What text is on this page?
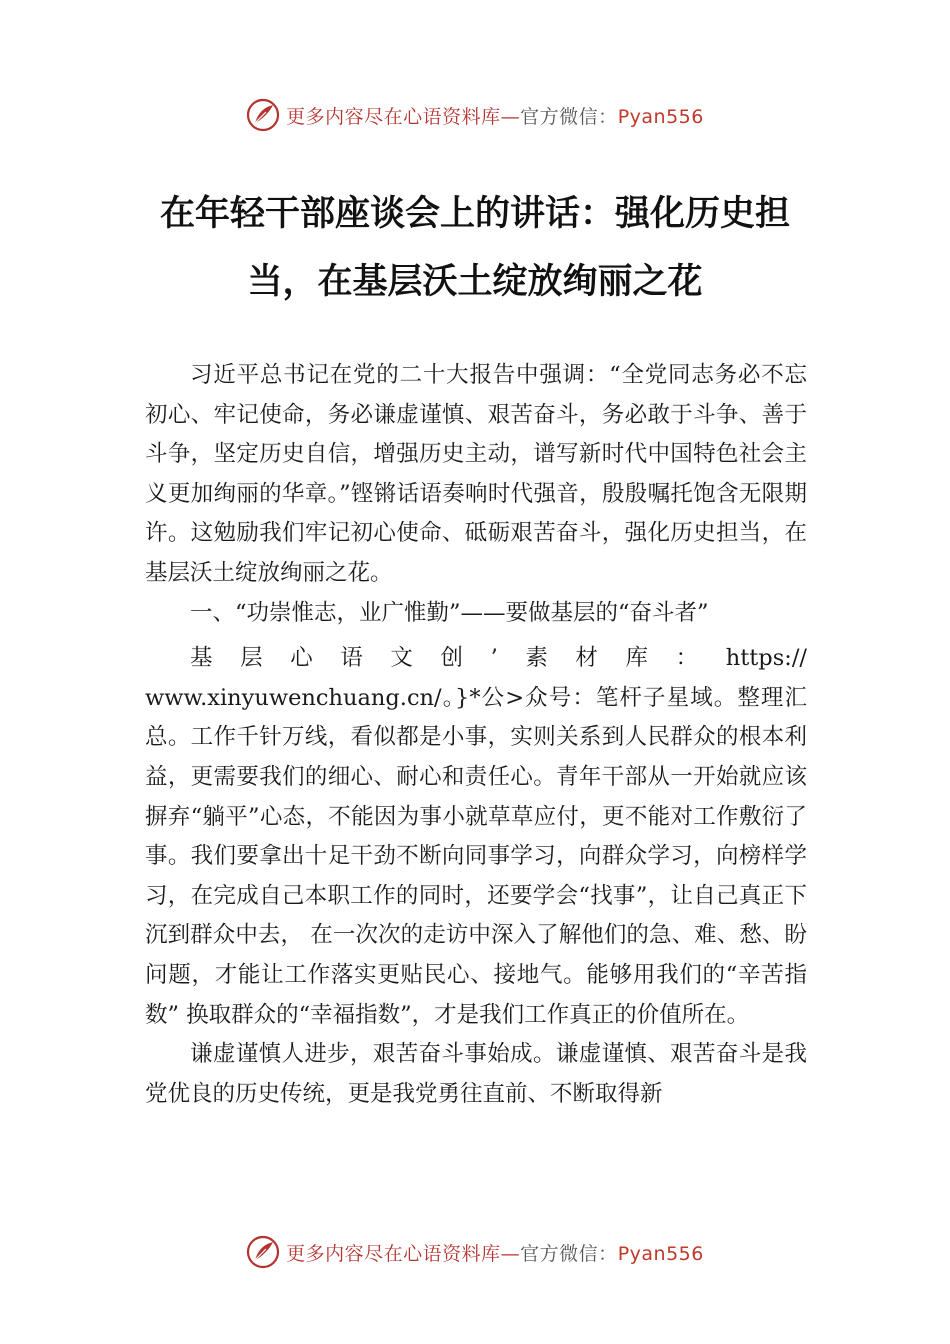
更多内容尽在心语资料库—官方微信：Pyan556
在年轻干部座谈会上的讲话：强化历史担当，在基层沃土绽放绚丽之花

习近平总书记在党的二十大报告中强调：“全党同志务必不忘初心、牢记使命，务必谦虚谨慎、艰苦奋斗，务必敢于斗争、善于斗争，坚定历史自信，增强历史主动，谱写新时代中国特色社会主义更加绚丽的华章。”铿锵话语奏响时代强音，殷殷嘱托饱含无限期许。这勉励我们牢记初心使命、砥砺艰苦奋斗，强化历史担当，在基层沃土绽放绚丽之花。

一、“功崇惟志，业广惟勤”——要做基层的“奋斗者”

基层心语文创’素材库：https://

www.xinyuwenchuang.cn/。}*公>众号：笔杆子星域。整理汇总。工作千针万线，看似都是小事，实则关系到人民群众的根本利益，更需要我们的细心、耐心和责任心。青年干部从一开始就应该摒弃“躺平”心态，不能因为事小就草草应付，更不能对工作敷衍了事。我们要拿出十足干劲不断向同事学习，向群众学习，向榜样学习，在完成自己本职工作的同时，还要学会“找事”，让自己真正下沉到群众中去， 在一次次的走访中深入了解他们的急、难、愁、盼问题，才能让工作落实更贴民心、接地气。能够用我们的“辛苦指数” 换取群众的“幸福指数”，才是我们工作真正的价值所在。

谦虚谨慎人进步，艰苦奋斗事始成。谦虚谨慎、艰苦奋斗是我党优良的历史传统，更是我党勇往直前、不断取得新

更多内容尽在心语资料库—官方微信：Pyan556
